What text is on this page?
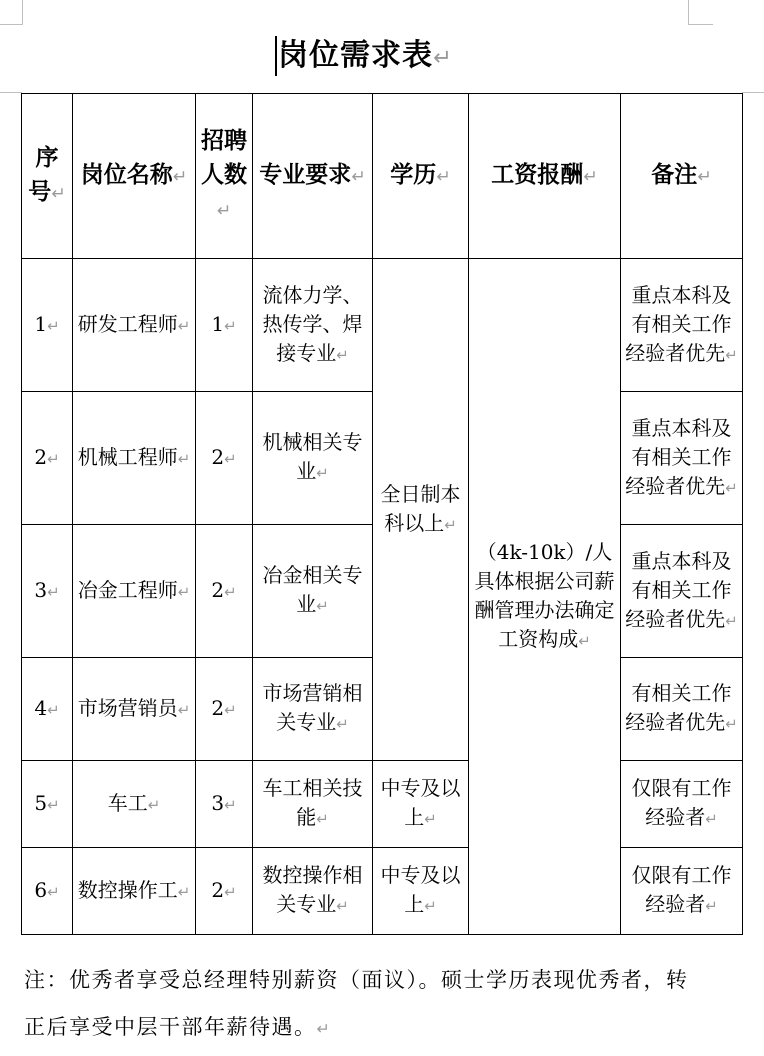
岗位需求表↵
序号↵	岗位名称↵	招聘人数↵	专业要求↵	学历↵	工资报酬↵	备注↵
1↵	研发工程师↵	1↵	流体力学、热传学、焊接专业↵	全日制本科以上↵	（4k-10k）/人具体根据公司薪酬管理办法确定工资构成↵	重点本科及有相关工作经验者优先↵
2↵	机械工程师↵	2↵	机械相关专业↵			重点本科及有相关工作经验者优先↵
3↵	冶金工程师↵	2↵	冶金相关专业↵			重点本科及有相关工作经验者优先↵
4↵	市场营销员↵	2↵	市场营销相关专业↵			有相关工作经验者优先↵
5↵	车工↵	3↵	车工相关技能↵	中专及以上↵		仅限有工作经验者↵
6↵	数控操作工↵	2↵	数控操作相关专业↵	中专及以上↵		仅限有工作经验者↵
注：优秀者享受总经理特别薪资（面议）。硕士学历表现优秀者，转正后享受中层干部年薪待遇。↵
